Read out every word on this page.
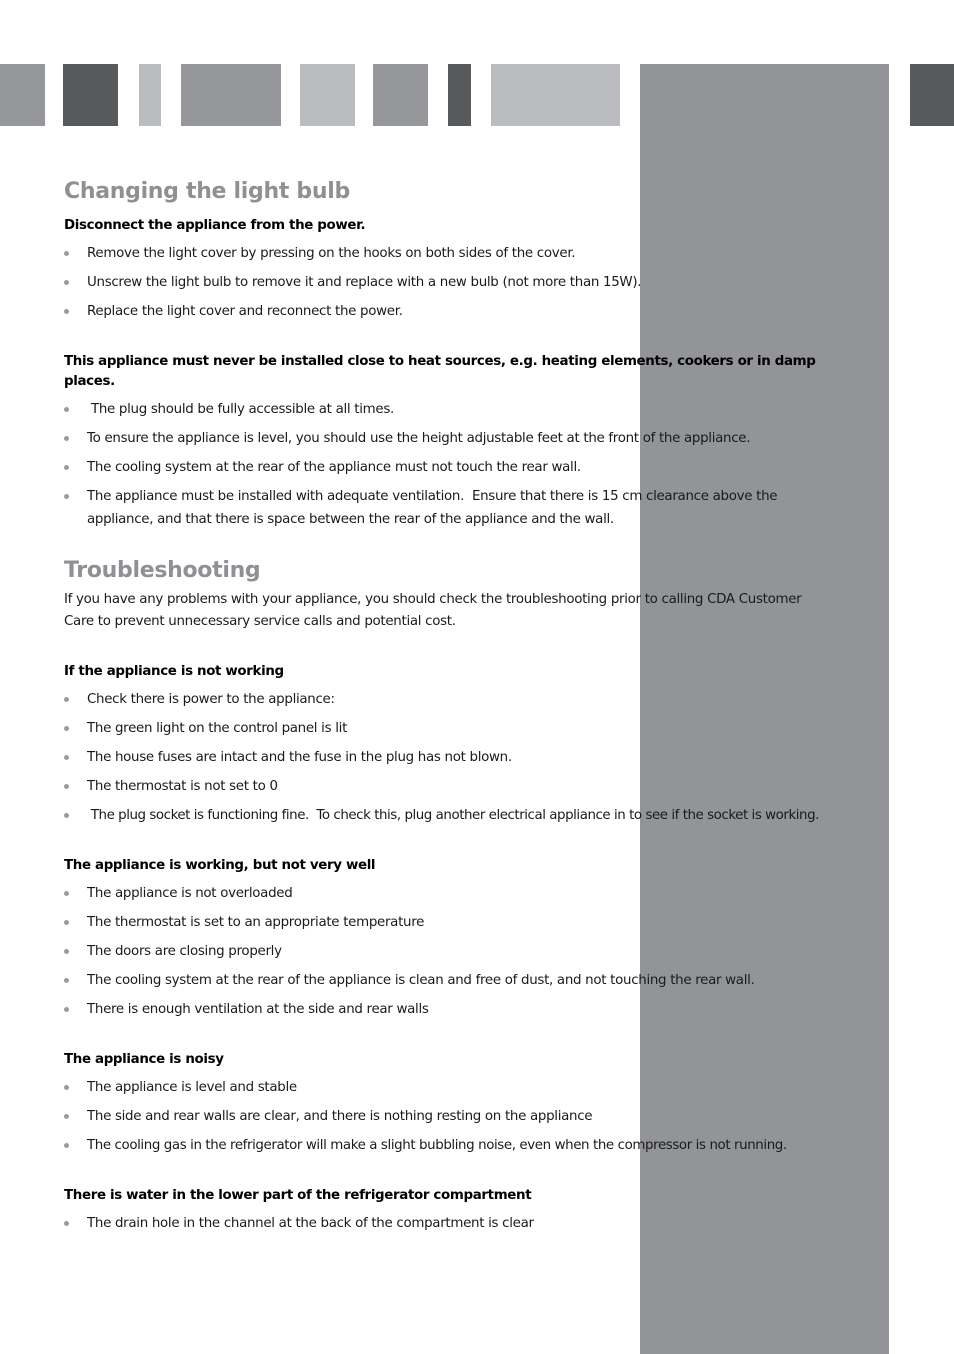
Changing the light bulb

Disconnect the appliance from the power.

Remove the light cover by pressing on the hooks on both sides of the cover.
Unscrew the light bulb to remove it and replace with a new bulb (not more than 15W).
Replace the light cover and reconnect the power.

This appliance must never be installed close to heat sources, e.g. heating elements, cookers or in damp places.

The plug should be fully accessible at all times.
To ensure the appliance is level, you should use the height adjustable feet at the front of the appliance.
The cooling system at the rear of the appliance must not touch the rear wall.
The appliance must be installed with adequate ventilation.  Ensure that there is 15 cm clearance above the appliance, and that there is space between the rear of the appliance and the wall.
Troubleshooting

If you have any problems with your appliance, you should check the troubleshooting prior to calling CDA Customer Care to prevent unnecessary service calls and potential cost.

If the appliance is not working

Check there is power to the appliance:
The green light on the control panel is lit
The house fuses are intact and the fuse in the plug has not blown.
The thermostat is not set to 0
The plug socket is functioning fine.  To check this, plug another electrical appliance in to see if the socket is working.

The appliance is working, but not very well

The appliance is not overloaded
The thermostat is set to an appropriate temperature
The doors are closing properly
The cooling system at the rear of the appliance is clean and free of dust, and not touching the rear wall.
There is enough ventilation at the side and rear walls

The appliance is noisy

The appliance is level and stable
The side and rear walls are clear, and there is nothing resting on the appliance
The cooling gas in the refrigerator will make a slight bubbling noise, even when the compressor is not running.

There is water in the lower part of the refrigerator compartment

The drain hole in the channel at the back of the compartment is clear
